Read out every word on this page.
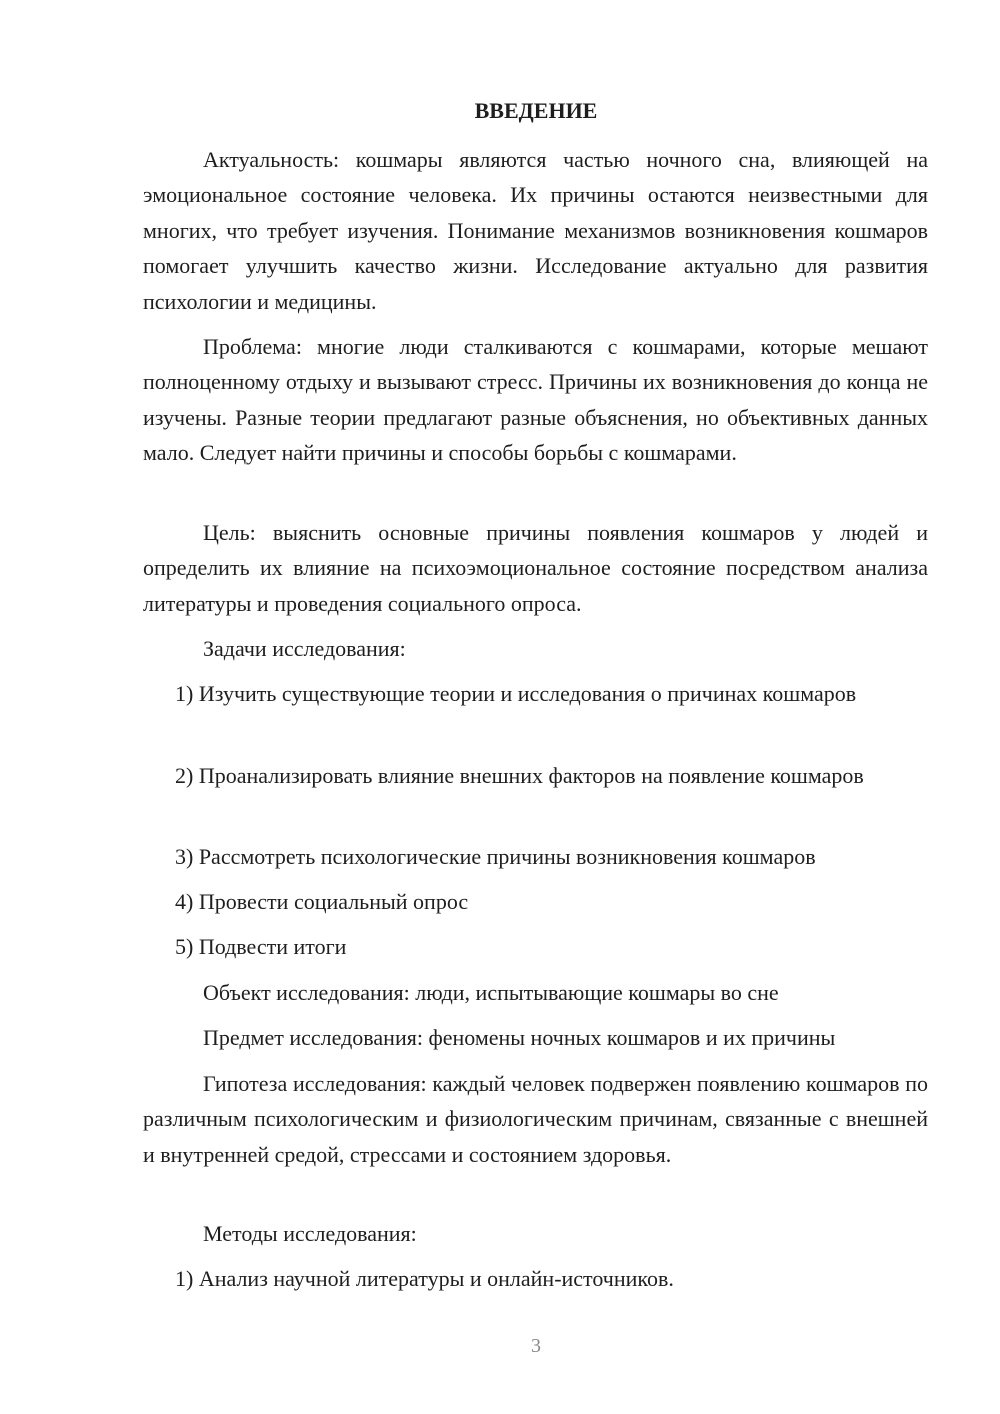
ВВЕДЕНИЕ
Актуальность: кошмары являются частью ночного сна, влияющей на эмоциональное состояние человека. Их причины остаются неизвестными для многих, что требует изучения. Понимание механизмов возникновения кошмаров помогает улучшить качество жизни. Исследование актуально для развития психологии и медицины.
Проблема: многие люди сталкиваются с кошмарами, которые мешают полноценному отдыху и вызывают стресс. Причины их возникновения до конца не изучены. Разные теории предлагают разные объяснения, но объективных данных мало. Следует найти причины и способы борьбы с кошмарами.
Цель: выяснить основные причины появления кошмаров у людей и определить их влияние на психоэмоциональное состояние посредством анализа литературы и проведения социального опроса.
Задачи исследования:
1) Изучить существующие теории и исследования о причинах кошмаров
2) Проанализировать влияние внешних факторов на появление кошмаров
3) Рассмотреть психологические причины возникновения кошмаров
4) Провести социальный опрос
5) Подвести итоги
Объект исследования: люди, испытывающие кошмары во сне
Предмет исследования: феномены ночных кошмаров и их причины
Гипотеза исследования: каждый человек подвержен появлению кошмаров по различным психологическим и физиологическим причинам, связанные с внешней и внутренней средой, стрессами и состоянием здоровья.
Методы исследования:
1) Анализ научной литературы и онлайн-источников.
3
